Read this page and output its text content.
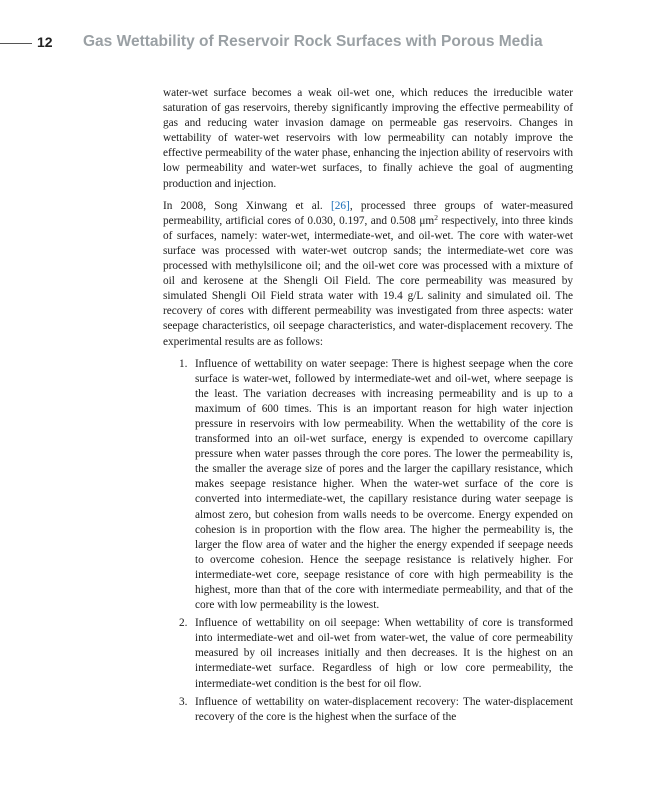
12 Gas Wettability of Reservoir Rock Surfaces with Porous Media

water-wet surface becomes a weak oil-wet one, which reduces the irreducible water saturation of gas reservoirs, thereby significantly improving the effective permeability of gas and reducing water invasion damage on permeable gas reservoirs. Changes in wettability of water-wet reservoirs with low permeability can notably improve the effective permeability of the water phase, enhancing the injection ability of reservoirs with low permeability and water-wet surfaces, to finally achieve the goal of augmenting production and injection.

In 2008, Song Xinwang et al. [26], processed three groups of water-measured permeability, artificial cores of 0.030, 0.197, and 0.508 $\mu m^2$ respectively, into three kinds of surfaces, namely: water-wet, intermediate-wet, and oil-wet. The core with water-wet surface was processed with water-wet outcrop sands; the intermediate-wet core was processed with methylsilicone oil; and the oil-wet core was processed with a mixture of oil and kerosene at the Shengli Oil Field. The core permeability was measured by simulated Shengli Oil Field strata water with 19.4 g/L salinity and simulated oil. The recovery of cores with different permeability was investigated from three aspects: water seepage characteristics, oil seepage characteristics, and water-displacement recovery. The experimental results are as follows:

1. Influence of wettability on water seepage: There is highest seepage when the core surface is water-wet, followed by intermediate-wet and oil-wet, where seepage is the least. The variation decreases with increasing permeability and is up to a maximum of 600 times. This is an important reason for high water injection pressure in reservoirs with low permeability. When the wettability of the core is transformed into an oil-wet surface, energy is expended to overcome capillary pressure when water passes through the core pores. The lower the permeability is, the smaller the average size of pores and the larger the capillary resistance, which makes seepage resistance higher. When the water-wet surface of the core is converted into intermediate-wet, the capillary resistance during water seepage is almost zero, but cohesion from walls needs to be overcome. Energy expended on cohesion is in proportion with the flow area. The higher the permeability is, the larger the flow area of water and the higher the energy expended if seepage needs to overcome cohesion. Hence the seepage resistance is relatively higher. For intermediate-wet core, seepage resistance of core with high permeability is the highest, more than that of the core with intermediate permeability, and that of the core with low permeability is the lowest.
2. Influence of wettability on oil seepage: When wettability of core is transformed into intermediate-wet and oil-wet from water-wet, the value of core permeability measured by oil increases initially and then decreases. It is the highest on an intermediate-wet surface. Regardless of high or low core permeability, the intermediate-wet condition is the best for oil flow.
3. Influence of wettability on water-displacement recovery: The water-displacement recovery of the core is the highest when the surface of the
